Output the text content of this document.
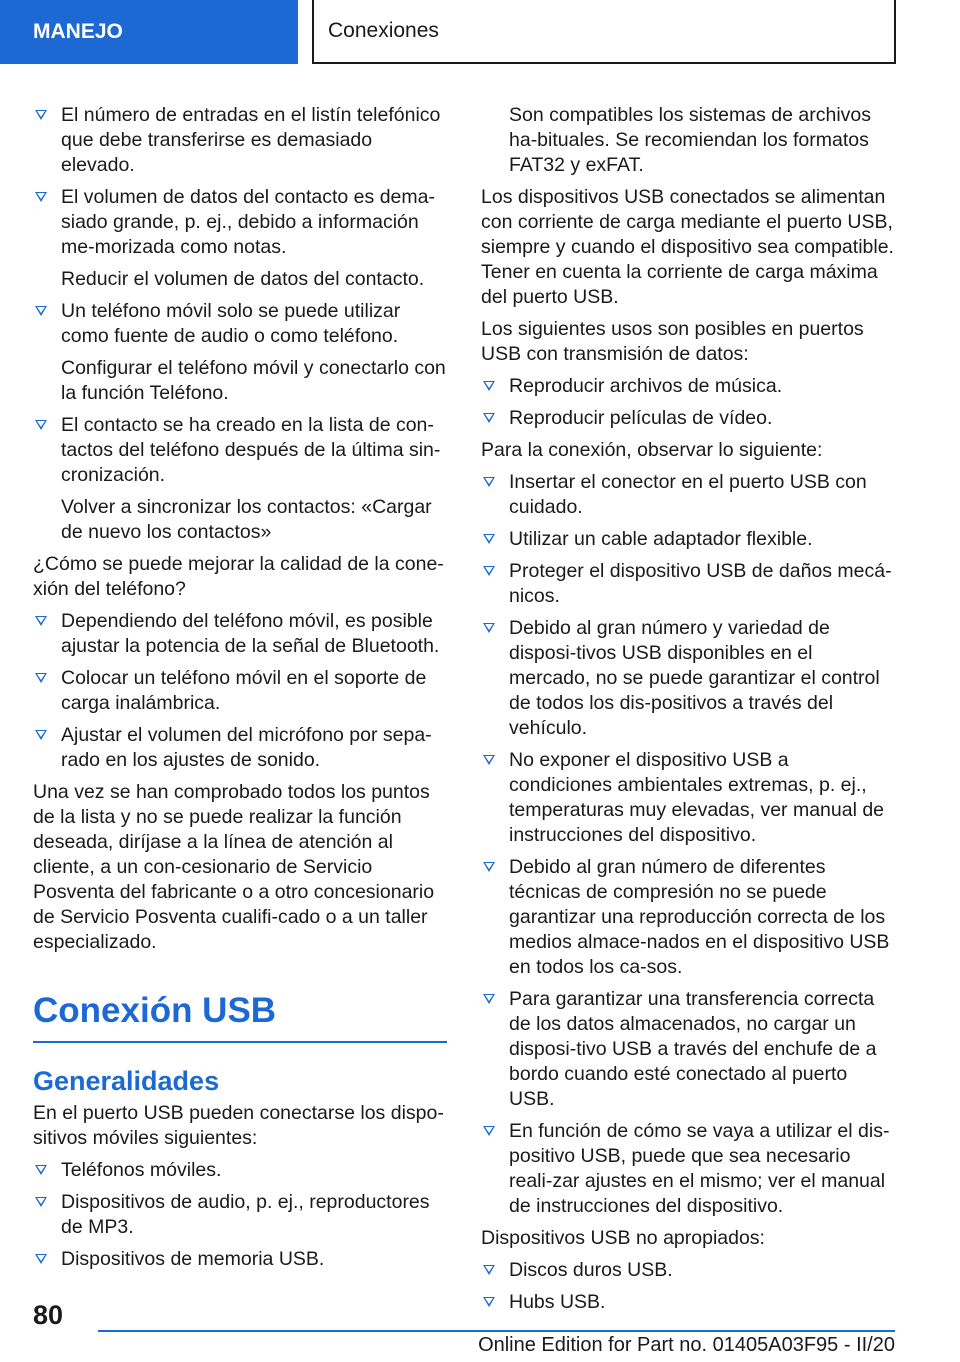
MANEJO	Conexiones
El número de entradas en el listín telefónico que debe transferirse es demasiado elevado.
El volumen de datos del contacto es dema-siado grande, p. ej., debido a información me-morizada como notas.

Reducir el volumen de datos del contacto.

Un teléfono móvil solo se puede utilizar como fuente de audio o como teléfono.

Configurar el teléfono móvil y conectarlo con la función Teléfono.

El contacto se ha creado en la lista de con-tactos del teléfono después de la última sin-cronización.

Volver a sincronizar los contactos: «Cargar de nuevo los contactos»

¿Cómo se puede mejorar la calidad de la cone-xión del teléfono?

Dependiendo del teléfono móvil, es posible ajustar la potencia de la señal de Bluetooth.
Colocar un teléfono móvil en el soporte de carga inalámbrica.
Ajustar el volumen del micrófono por sepa-rado en los ajustes de sonido.

Una vez se han comprobado todos los puntos de la lista y no se puede realizar la función deseada, diríjase a la línea de atención al cliente, a un con-cesionario de Servicio Posventa del fabricante o a otro concesionario de Servicio Posventa cualifi-cado o a un taller especializado.

Conexión USB
Generalidades

En el puerto USB pueden conectarse los dispo-sitivos móviles siguientes:

Teléfonos móviles.
Dispositivos de audio, p. ej., reproductores de MP3.
Dispositivos de memoria USB.

Son compatibles los sistemas de archivos ha-bituales. Se recomiendan los formatos FAT32 y exFAT.

Los dispositivos USB conectados se alimentan con corriente de carga mediante el puerto USB, siempre y cuando el dispositivo sea compatible. Tener en cuenta la corriente de carga máxima del puerto USB.

Los siguientes usos son posibles en puertos USB con transmisión de datos:

Reproducir archivos de música.
Reproducir películas de vídeo.

Para la conexión, observar lo siguiente:

Insertar el conector en el puerto USB con cuidado.
Utilizar un cable adaptador flexible.
Proteger el dispositivo USB de daños mecá-nicos.
Debido al gran número y variedad de disposi-tivos USB disponibles en el mercado, no se puede garantizar el control de todos los dis-positivos a través del vehículo.
No exponer el dispositivo USB a condiciones ambientales extremas, p. ej., temperaturas muy elevadas, ver manual de instrucciones del dispositivo.
Debido al gran número de diferentes técnicas de compresión no se puede garantizar una reproducción correcta de los medios almace-nados en el dispositivo USB en todos los ca-sos.
Para garantizar una transferencia correcta de los datos almacenados, no cargar un disposi-tivo USB a través del enchufe de a bordo cuando esté conectado al puerto USB.
En función de cómo se vaya a utilizar el dis-positivo USB, puede que sea necesario reali-zar ajustes en el mismo; ver el manual de instrucciones del dispositivo.

Dispositivos USB no apropiados:

Discos duros USB.
Hubs USB.
80
Online Edition for Part no. 01405A03F95 - II/20
